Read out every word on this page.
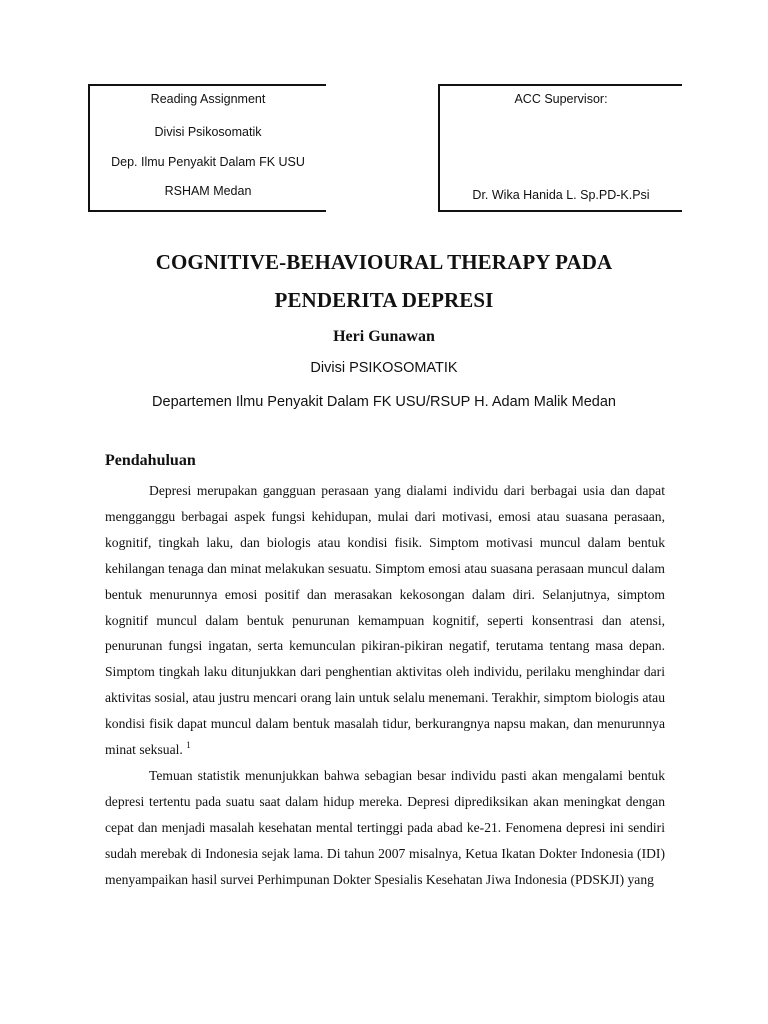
Reading Assignment
Divisi Psikosomatik
Dep. Ilmu Penyakit Dalam FK USU
RSHAM Medan
ACC Supervisor:
Dr. Wika Hanida L. Sp.PD-K.Psi
COGNITIVE-BEHAVIOURAL THERAPY PADA
PENDERITA DEPRESI
Heri Gunawan
Divisi PSIKOSOMATIK
Departemen Ilmu Penyakit Dalam FK USU/RSUP H. Adam Malik Medan
Pendahuluan

Depresi merupakan gangguan perasaan yang dialami individu dari berbagai usia dan dapat mengganggu berbagai aspek fungsi kehidupan, mulai dari motivasi, emosi atau suasana perasaan, kognitif, tingkah laku, dan biologis atau kondisi fisik. Simptom motivasi muncul dalam bentuk kehilangan tenaga dan minat melakukan sesuatu. Simptom emosi atau suasana perasaan muncul dalam bentuk menurunnya emosi positif dan merasakan kekosongan dalam diri. Selanjutnya, simptom kognitif muncul dalam bentuk penurunan kemampuan kognitif, seperti konsentrasi dan atensi, penurunan fungsi ingatan, serta kemunculan pikiran-pikiran negatif, terutama tentang masa depan. Simptom tingkah laku ditunjukkan dari penghentian aktivitas oleh individu, perilaku menghindar dari aktivitas sosial, atau justru mencari orang lain untuk selalu menemani. Terakhir, simptom biologis atau kondisi fisik dapat muncul dalam bentuk masalah tidur, berkurangnya napsu makan, dan menurunnya minat seksual. $^1$

Temuan statistik menunjukkan bahwa sebagian besar individu pasti akan mengalami bentuk depresi tertentu pada suatu saat dalam hidup mereka. Depresi diprediksikan akan meningkat dengan cepat dan menjadi masalah kesehatan mental tertinggi pada abad ke-21. Fenomena depresi ini sendiri sudah merebak di Indonesia sejak lama. Di tahun 2007 misalnya, Ketua Ikatan Dokter Indonesia (IDI) menyampaikan hasil survei Perhimpunan Dokter Spesialis Kesehatan Jiwa Indonesia (PDSKJI) yang
